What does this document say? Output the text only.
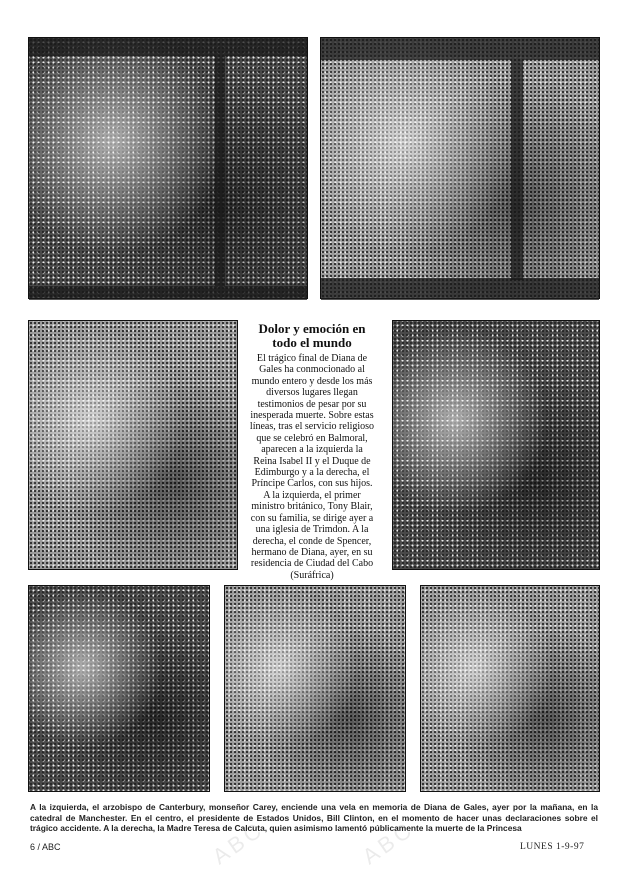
Dolor y emoción en todo el mundo

El trágico final de Diana de Gales ha conmocionado al mundo entero y desde los más diversos lugares llegan testimonios de pesar por su inesperada muerte. Sobre estas líneas, tras el servicio religioso que se celebró en Balmoral, aparecen a la izquierda la Reina Isabel II y el Duque de Edimburgo y a la derecha, el Príncipe Carlos, con sus hijos. A la izquierda, el primer ministro británico, Tony Blair, con su familia, se dirige ayer a una iglesia de Trimdon. A la derecha, el conde de Spencer, hermano de Diana, ayer, en su residencia de Ciudad del Cabo (Suráfrica)

A la izquierda, el arzobispo de Canterbury, monseñor Carey, enciende una vela en memoria de Diana de Gales, ayer por la mañana, en la catedral de Manchester. En el centro, el presidente de Estados Unidos, Bill Clinton, en el momento de hacer unas declaraciones sobre el trágico accidente. A la derecha, la Madre Teresa de Calcuta, quien asimismo lamentó públicamente la muerte de la Princesa
6 / ABC	LUNES 1-9-97
ABC	ABC
